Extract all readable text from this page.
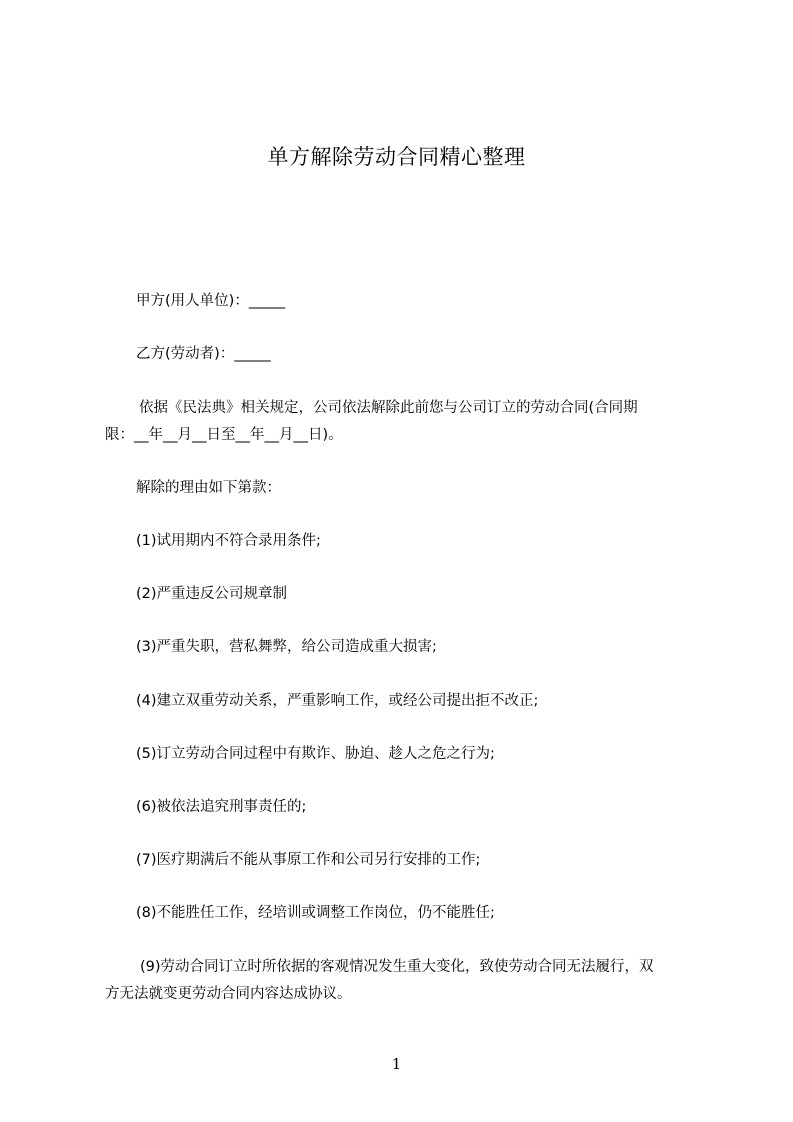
单方解除劳动合同精心整理

甲方(用人单位)：_____

乙方(劳动者)：_____

依据《民法典》相关规定，公司依法解除此前您与公司订立的劳动合同(合同期
限：__年__月__日至__年__月__日)。

解除的理由如下第款：

(1)试用期内不符合录用条件;

(2)严重违反公司规章制

(3)严重失职，营私舞弊，给公司造成重大损害;

(4)建立双重劳动关系，严重影响工作，或经公司提出拒不改正;

(5)订立劳动合同过程中有欺诈、胁迫、趁人之危之行为;

(6)被依法追究刑事责任的;

(7)医疗期满后不能从事原工作和公司另行安排的工作;

(8)不能胜任工作，经培训或调整工作岗位，仍不能胜任;

(9)劳动合同订立时所依据的客观情况发生重大变化，致使劳动合同无法履行，双
方无法就变更劳动合同内容达成协议。
1
